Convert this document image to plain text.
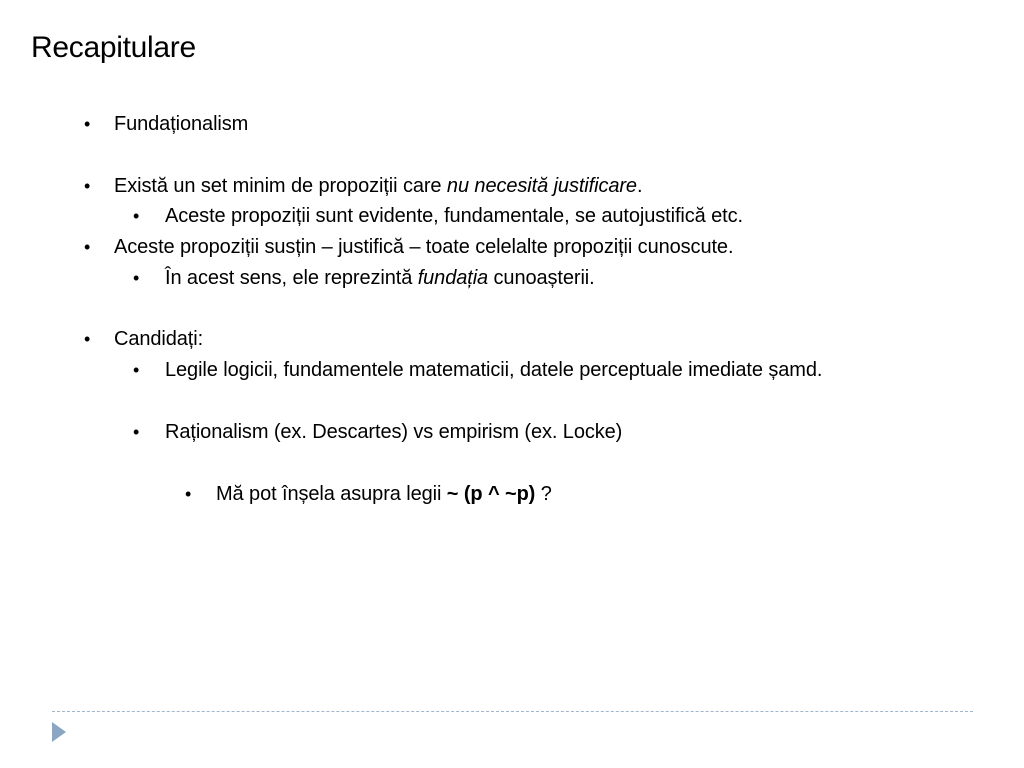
Recapitulare
• Fundaționalism
• Există un set minim de propoziții care nu necesită justificare.
• Aceste propoziții sunt evidente, fundamentale, se autojustifică etc.
• Aceste propoziții susțin – justifică – toate celelalte propoziții cunoscute.
• În acest sens, ele reprezintă fundația cunoașterii.
• Candidați:
• Legile logicii, fundamentele matematicii, datele perceptuale imediate șamd.
• Raționalism (ex. Descartes) vs empirism (ex. Locke)
• Mă pot înșela asupra legii ~ (p ^ ~p) ?
